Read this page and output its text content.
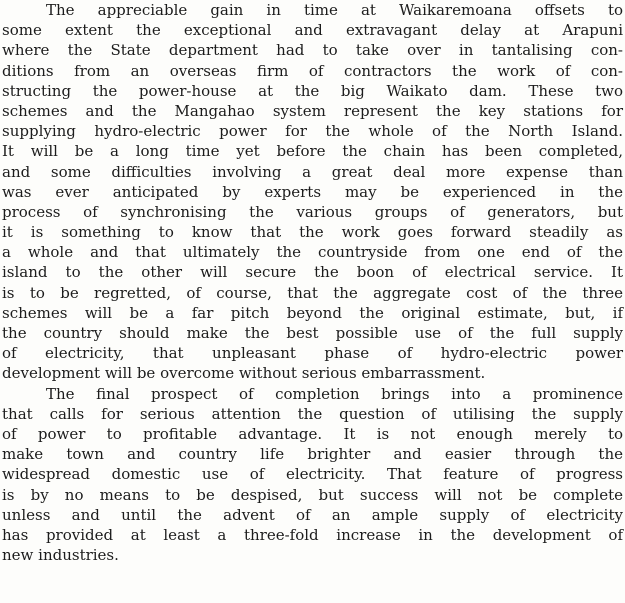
The appreciable gain in time at Waikaremoana offsets to
some extent the exceptional and extravagant delay at Arapuni
where the State department had to take over in tantalising con-
ditions from an overseas firm of contractors the work of con-
structing the power-house at the big Waikato dam. These two
schemes and the Mangahao system represent the key stations for
supplying hydro-electric power for the whole of the North Island.
It will be a long time yet before the chain has been completed,
and some difficulties involving a great deal more expense than
was ever anticipated by experts may be experienced in the
process of synchronising the various groups of generators, but
it is something to know that the work goes forward steadily as
a whole and that ultimately the countryside from one end of the
island to the other will secure the boon of electrical service. It
is to be regretted, of course, that the aggregate cost of the three
schemes will be a far pitch beyond the original estimate, but, if
the country should make the best possible use of the full supply
of electricity, that unpleasant phase of hydro-electric power
development will be overcome without serious embarrassment.
The final prospect of completion brings into a prominence
that calls for serious attention the question of utilising the supply
of power to profitable advantage. It is not enough merely to
make town and country life brighter and easier through the
widespread domestic use of electricity. That feature of progress
is by no means to be despised, but success will not be complete
unless and until the advent of an ample supply of electricity
has provided at least a three-fold increase in the development of
new industries.
